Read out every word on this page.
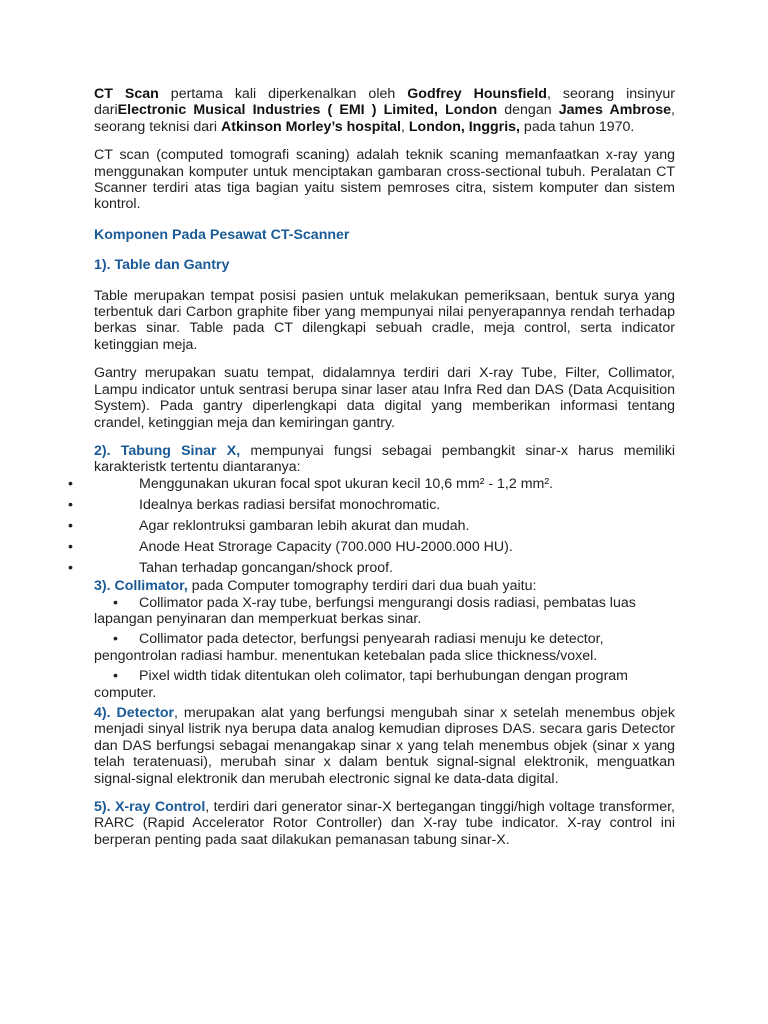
CT Scan pertama kali diperkenalkan oleh Godfrey Hounsfield, seorang insinyur dariElectronic Musical Industries ( EMI ) Limited, London dengan James Ambrose, seorang teknisi dari Atkinson Morley’s hospital, London, Inggris, pada tahun 1970.

CT scan (computed tomografi scaning) adalah teknik scaning memanfaatkan x-ray yang menggunakan komputer untuk menciptakan gambaran cross-sectional tubuh. Peralatan CT Scanner terdiri atas tiga bagian yaitu sistem pemroses citra, sistem komputer dan sistem kontrol.

Komponen Pada Pesawat CT-Scanner

1). Table dan Gantry

Table merupakan tempat posisi pasien untuk melakukan pemeriksaan, bentuk surya yang terbentuk dari Carbon graphite fiber yang mempunyai nilai penyerapannya rendah terhadap berkas sinar. Table pada CT dilengkapi sebuah cradle, meja control, serta indicator ketinggian meja.

Gantry merupakan suatu tempat, didalamnya terdiri dari X-ray Tube, Filter, Collimator, Lampu indicator untuk sentrasi berupa sinar laser atau Infra Red dan DAS (Data Acquisition System). Pada gantry diperlengkapi data digital yang memberikan informasi tentang crandel, ketinggian meja dan kemiringan gantry.

2). Tabung Sinar X, mempunyai fungsi sebagai pembangkit sinar-x harus memiliki karakteristk tertentu diantaranya:

• Menggunakan ukuran focal spot ukuran kecil 10,6 mm² - 1,2 mm².
• Idealnya berkas radiasi bersifat monochromatic.
• Agar reklontruksi gambaran lebih akurat dan mudah.
• Anode Heat Strorage Capacity (700.000 HU-2000.000 HU).
• Tahan terhadap goncangan/shock proof.

3). Collimator, pada Computer tomography terdiri dari dua buah yaitu:

• Collimator pada X-ray tube, berfungsi mengurangi dosis radiasi, pembatas luas lapangan penyinaran dan memperkuat berkas sinar.
• Collimator pada detector, berfungsi penyearah radiasi menuju ke detector, pengontrolan radiasi hambur. menentukan ketebalan pada slice thickness/voxel.
• Pixel width tidak ditentukan oleh colimator, tapi berhubungan dengan program computer.

4). Detector, merupakan alat yang berfungsi mengubah sinar x setelah menembus objek menjadi sinyal listrik nya berupa data analog kemudian diproses DAS. secara garis Detector dan DAS berfungsi sebagai menangakap sinar x yang telah menembus objek (sinar x yang telah teratenuasi), merubah sinar x dalam bentuk signal-signal elektronik, menguatkan signal-signal elektronik dan merubah electronic signal ke data-data digital.

5). X-ray Control, terdiri dari generator sinar-X bertegangan tinggi/high voltage transformer, RARC (Rapid Accelerator Rotor Controller) dan X-ray tube indicator. X-ray control ini berperan penting pada saat dilakukan pemanasan tabung sinar-X.
